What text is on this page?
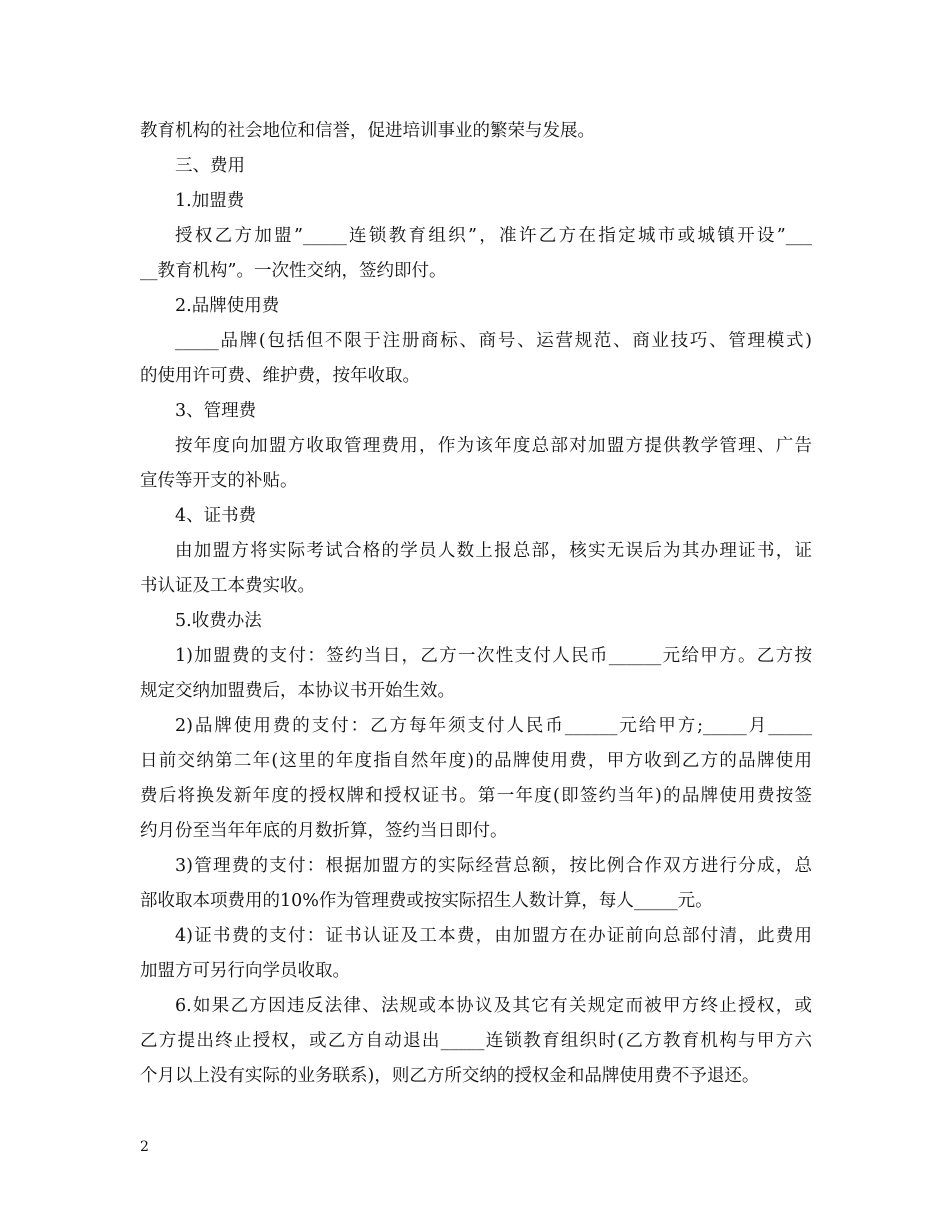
教育机构的社会地位和信誉，促进培训事业的繁荣与发展。
三、费用
1.加盟费
授权乙方加盟”_____连锁教育组织”，准许乙方在指定城市或城镇开设”___
__教育机构”。一次性交纳，签约即付。
2.品牌使用费
_____品牌(包括但不限于注册商标、商号、运营规范、商业技巧、管理模式)
的使用许可费、维护费，按年收取。
3、管理费
按年度向加盟方收取管理费用，作为该年度总部对加盟方提供教学管理、广告
宣传等开支的补贴。
4、证书费
由加盟方将实际考试合格的学员人数上报总部，核实无误后为其办理证书，证
书认证及工本费实收。
5.收费办法
1)加盟费的支付：签约当日，乙方一次性支付人民币______元给甲方。乙方按
规定交纳加盟费后，本协议书开始生效。
2)品牌使用费的支付：乙方每年须支付人民币______元给甲方;_____月_____
日前交纳第二年(这里的年度指自然年度)的品牌使用费，甲方收到乙方的品牌使用
费后将换发新年度的授权牌和授权证书。第一年度(即签约当年)的品牌使用费按签
约月份至当年年底的月数折算，签约当日即付。
3)管理费的支付：根据加盟方的实际经营总额，按比例合作双方进行分成，总
部收取本项费用的10%作为管理费或按实际招生人数计算，每人_____元。
4)证书费的支付：证书认证及工本费，由加盟方在办证前向总部付清，此费用
加盟方可另行向学员收取。
6.如果乙方因违反法律、法规或本协议及其它有关规定而被甲方终止授权，或
乙方提出终止授权，或乙方自动退出_____连锁教育组织时(乙方教育机构与甲方六
个月以上没有实际的业务联系)，则乙方所交纳的授权金和品牌使用费不予退还。
2
